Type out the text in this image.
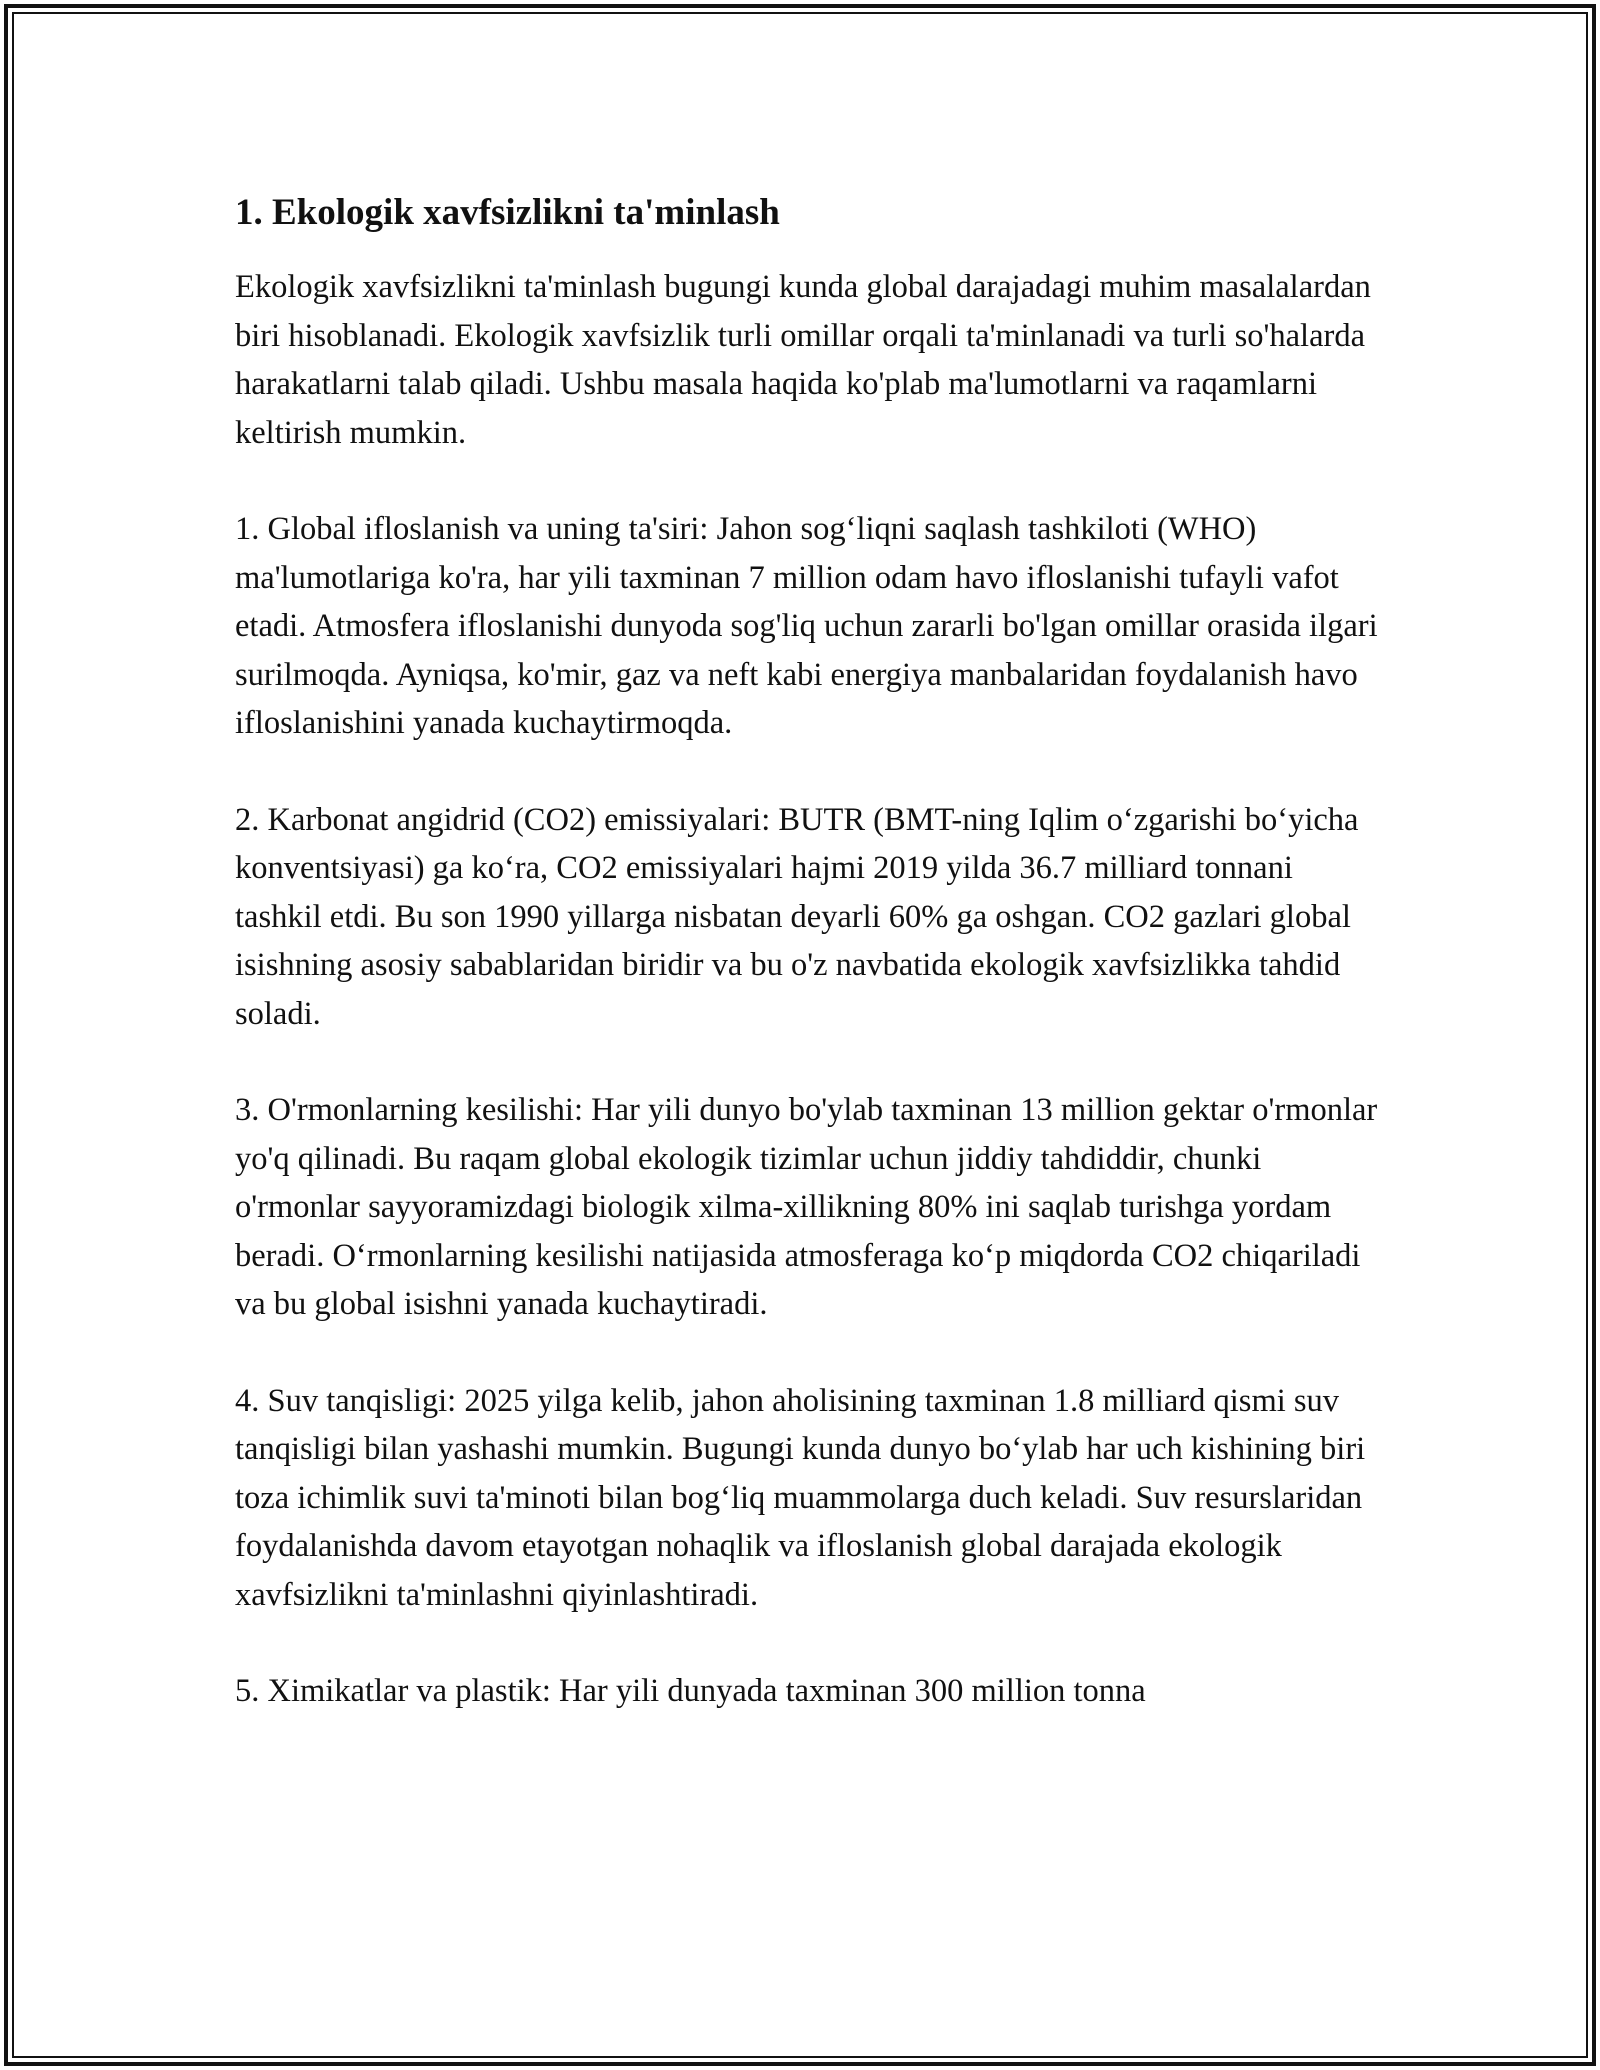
1. Ekologik xavfsizlikni ta'minlash

Ekologik xavfsizlikni ta'minlash bugungi kunda global darajadagi muhim masalalardan biri hisoblanadi. Ekologik xavfsizlik turli omillar orqali ta'minlanadi va turli so'halarda harakatlarni talab qiladi. Ushbu masala haqida ko'plab ma'lumotlarni va raqamlarni keltirish mumkin.

1. Global ifloslanish va uning ta'siri: Jahon sog‘liqni saqlash tashkiloti (WHO) ma'lumotlariga ko'ra, har yili taxminan 7 million odam havo ifloslanishi tufayli vafot etadi. Atmosfera ifloslanishi dunyoda sog'liq uchun zararli bo'lgan omillar orasida ilgari surilmoqda. Ayniqsa, ko'mir, gaz va neft kabi energiya manbalaridan foydalanish havo ifloslanishini yanada kuchaytirmoqda.

2. Karbonat angidrid (CO2) emissiyalari: BUTR (BMT-ning Iqlim o‘zgarishi bo‘yicha konventsiyasi) ga ko‘ra, CO2 emissiyalari hajmi 2019 yilda 36.7 milliard tonnani tashkil etdi. Bu son 1990 yillarga nisbatan deyarli 60% ga oshgan. CO2 gazlari global isishning asosiy sabablaridan biridir va bu o'z navbatida ekologik xavfsizlikka tahdid soladi.

3. O'rmonlarning kesilishi: Har yili dunyo bo'ylab taxminan 13 million gektar o'rmonlar yo'q qilinadi. Bu raqam global ekologik tizimlar uchun jiddiy tahdiddir, chunki o'rmonlar sayyoramizdagi biologik xilma-xillikning 80% ini saqlab turishga yordam beradi. O‘rmonlarning kesilishi natijasida atmosferaga ko‘p miqdorda CO2 chiqariladi va bu global isishni yanada kuchaytiradi.

4. Suv tanqisligi: 2025 yilga kelib, jahon aholisining taxminan 1.8 milliard qismi suv tanqisligi bilan yashashi mumkin. Bugungi kunda dunyo bo‘ylab har uch kishining biri toza ichimlik suvi ta'minoti bilan bog‘liq muammolarga duch keladi. Suv resurslaridan foydalanishda davom etayotgan nohaqlik va ifloslanish global darajada ekologik xavfsizlikni ta'minlashni qiyinlashtiradi.

5. Ximikatlar va plastik: Har yili dunyada taxminan 300 million tonna
